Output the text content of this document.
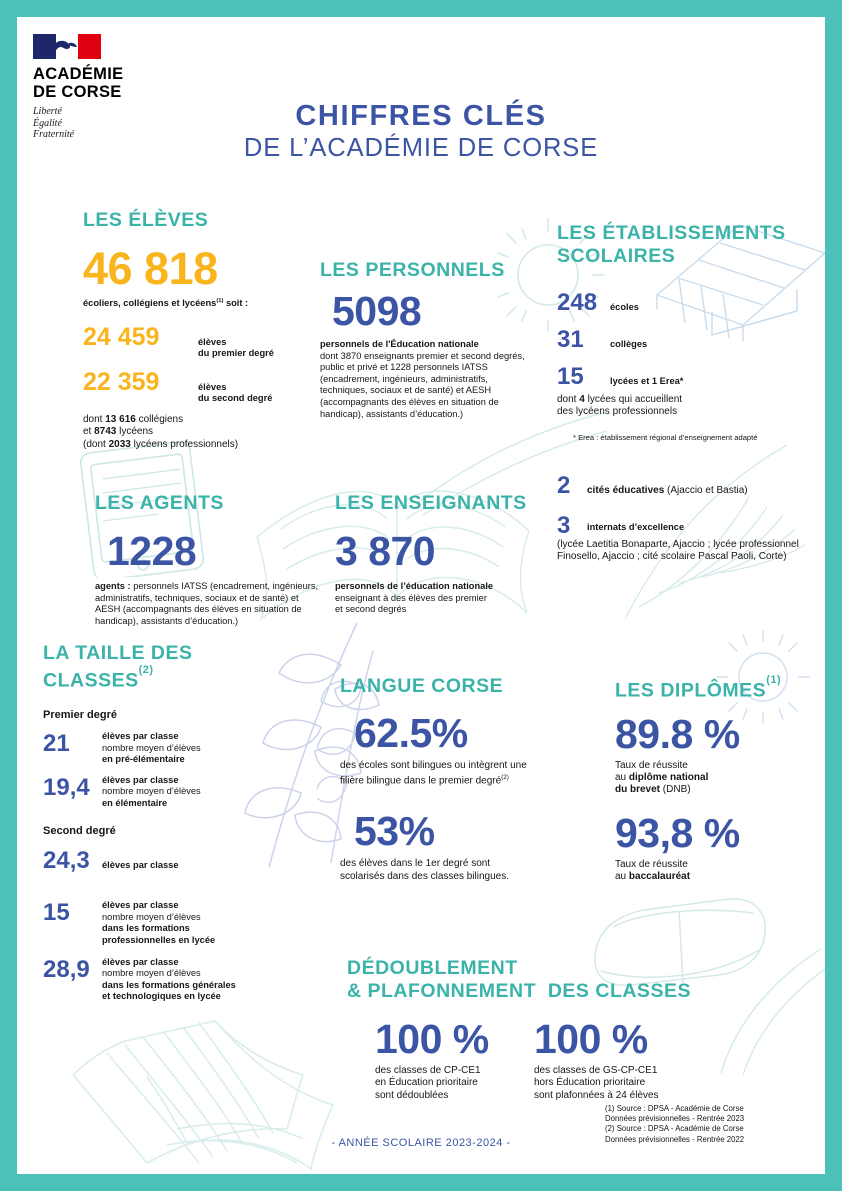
ACADÉMIE
DE CORSE
Liberté
Égalité
Fraternité
CHIFFRES CLÉS
DE L’ACADÉMIE DE CORSE
LES ÉLÈVES
46 818
écoliers, collégiens et lycéens$^{(1)}$ soit :
24 459	élèves
du premier degré
22 359	élèves
du second degré
dont 13 616 collégiens
et 8743 lycéens
(dont 2033 lycéens professionnels)
LES PERSONNELS
5098
personnels de l'Éducation nationale
dont 3870 enseignants premier et second degrés, public et privé et 1228 personnels IATSS (encadrement, ingénieurs, administratifs, techniques, sociaux et de santé) et AESH (accompagnants des élèves en situation de handicap), assistants d’éducation.)
LES ÉTABLISSEMENTS
SCOLAIRES
248	écoles
31	collèges
15	lycées et 1 Erea*
dont 4 lycées qui accueillent
des lycéens professionnels
* Erea : établissement régional d’enseignement adapté
2	cités éducatives (Ajaccio et Bastia)
3	internats d’excellence
(lycée Laetitia Bonaparte, Ajaccio ; lycée professionnel
Finosello, Ajaccio ; cité scolaire Pascal Paoli, Corte)
LES AGENTS
1228
agents : personnels IATSS (encadrement, ingénieurs, administratifs, techniques, sociaux et de santé) et AESH (accompagnants des élèves en situation de handicap), assistants d’éducation.)
LES ENSEIGNANTS
3 870
personnels de l’éducation nationale
enseignant à des élèves des premier
et second degrés
LA TAILLE DES
CLASSES$^{(2)}$
Premier degré
21	élèves par classe
nombre moyen d’élèves
en pré-élémentaire
19,4	élèves par classe
nombre moyen d’élèves
en élémentaire
Second degré
24,3	élèves par classe
15	élèves par classe
nombre moyen d’élèves
dans les formations
professionnelles en lycée
28,9	élèves par classe
nombre moyen d’élèves
dans les formations générales
et technologiques en lycée
LANGUE CORSE
62.5%
des écoles sont bilingues ou intègrent une
filière bilingue dans le premier degré$^{(2)}$
53%
des élèves dans le 1er degré sont
scolarisés dans des classes bilingues.
LES DIPLÔMES$^{(1)}$
89.8 %
Taux de réussite
au diplôme national
du brevet (DNB)
93,8 %
Taux de réussite
au baccalauréat
DÉDOUBLEMENT
& PLAFONNEMENT DES CLASSES
100 %
des classes de CP-CE1
en Éducation prioritaire
sont dédoublées
100 %
des classes de GS-CP-CE1
hors Éducation prioritaire
sont plafonnées à 24 élèves
(1) Source : DPSA - Académie de Corse
Données prévisionnelles - Rentrée 2023
(2) Source : DPSA - Académie de Corse
Données prévisionnelles - Rentrée 2022
- ANNÉE SCOLAIRE 2023-2024 -
